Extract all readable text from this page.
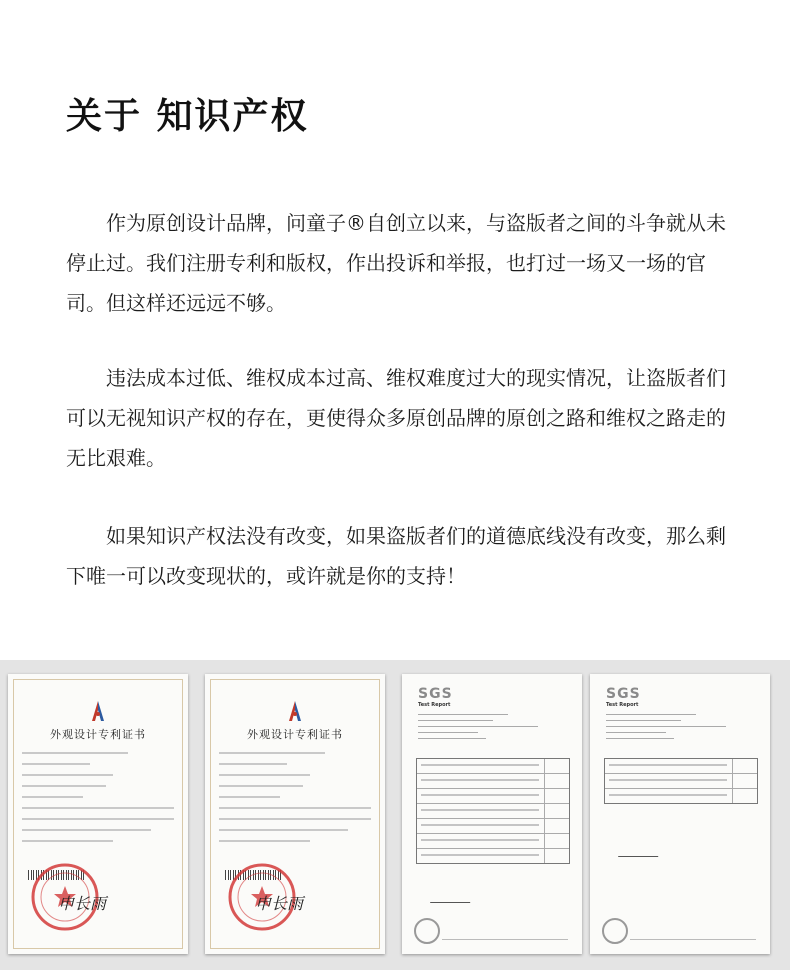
关于 知识产权

作为原创设计品牌，问童子®自创立以来，与盗版者之间的斗争就从未停止过。我们注册专利和版权，作出投诉和举报，也打过一场又一场的官司。但这样还远远不够。

违法成本过低、维权成本过高、维权难度过大的现实情况，让盗版者们可以无视知识产权的存在，更使得众多原创品牌的原创之路和维权之路走的无比艰难。

如果知识产权法没有改变，如果盗版者们的道德底线没有改变，那么剩下唯一可以改变现状的，或许就是你的支持！

外观设计专利证书
申长雨
外观设计专利证书
申长雨
SGS
Test Report
SGS
Test Report
